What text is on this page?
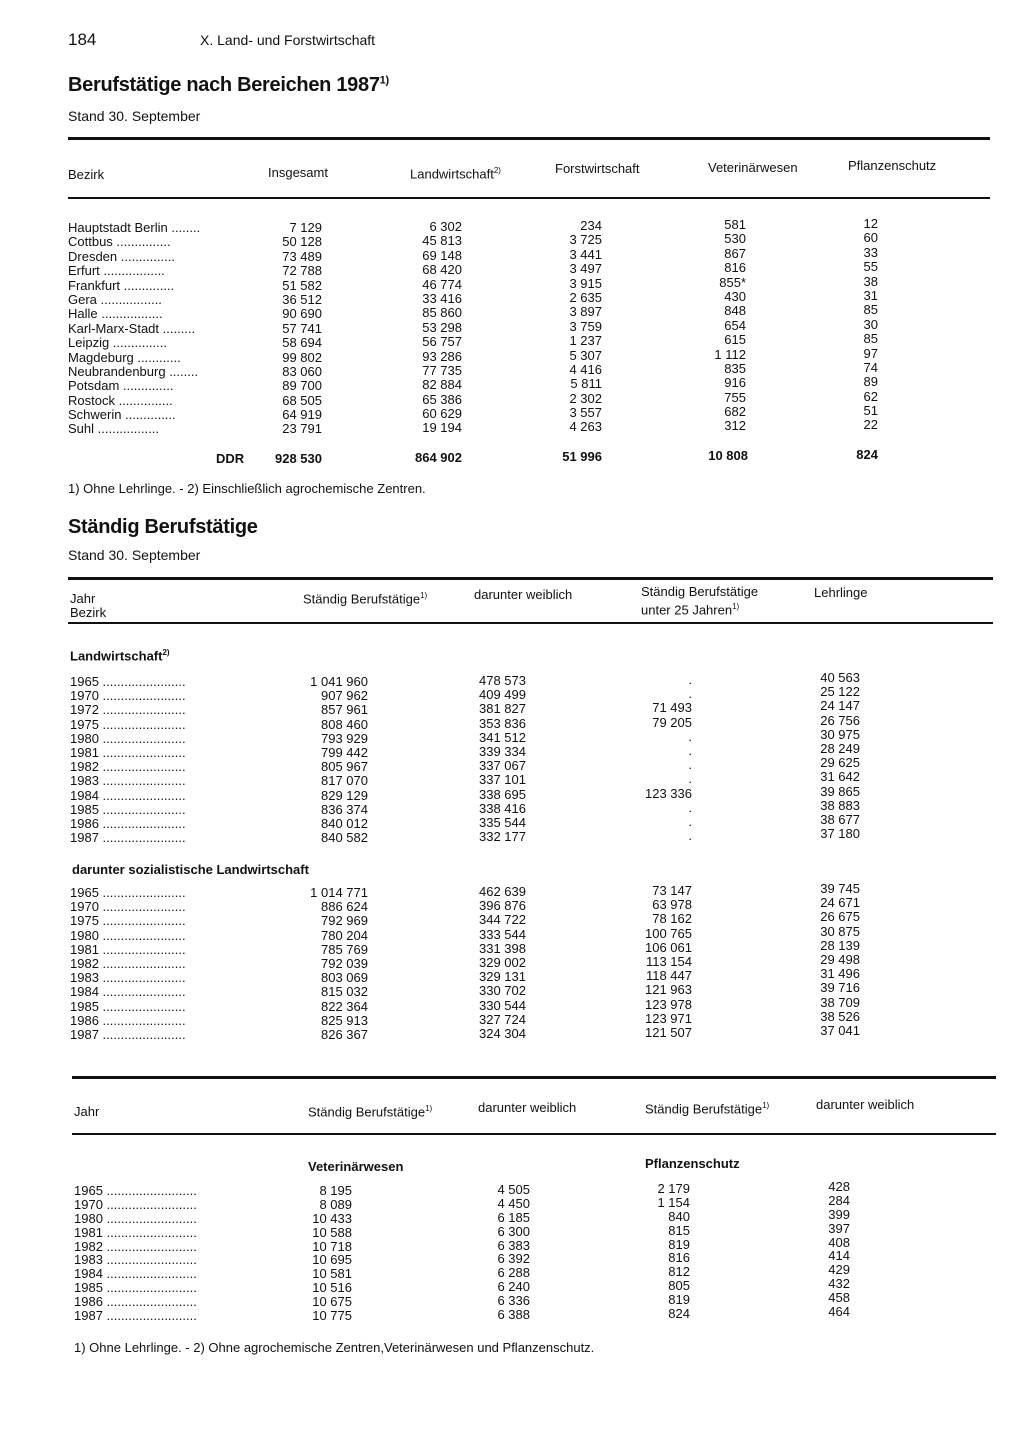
184	X. Land- und Forstwirtschaft
Berufstätige nach Bereichen 1987$^{1)}$
Stand 30. September
Bezirk	Insgesamt	Landwirtschaft$^{2)}$	Forstwirtschaft	Veterinärwesen	Pflanzenschutz
Hauptstadt Berlin ........	7 129	6 302	234	581	12
Cottbus ...............	50 128	45 813	3 725	530	60
Dresden ...............	73 489	69 148	3 441	867	33
Erfurt .................	72 788	68 420	3 497	816	55
Frankfurt ..............	51 582	46 774	3 915	855*	38
Gera .................	36 512	33 416	2 635	430	31
Halle .................	90 690	85 860	3 897	848	85
Karl-Marx-Stadt .........	57 741	53 298	3 759	654	30
Leipzig ...............	58 694	56 757	1 237	615	85
Magdeburg ............	99 802	93 286	5 307	1 112	97
Neubrandenburg ........	83 060	77 735	4 416	835	74
Potsdam ..............	89 700	82 884	5 811	916	89
Rostock ...............	68 505	65 386	2 302	755	62
Schwerin ..............	64 919	60 629	3 557	682	51
Suhl .................	23 791	19 194	4 263	312	22
DDR	928 530	864 902	51 996	10 808	824
1) Ohne Lehrlinge. - 2) Einschließlich agrochemische Zentren.
Ständig Berufstätige
Stand 30. September
Jahr
Bezirk
Ständig Berufstätige$^{1)}$	darunter weiblich	Ständig Berufstätige
unter 25 Jahren$^{1)}$
Lehrlinge
Landwirtschaft$^{2)}$
1965 .......................	1 041 960	478 573	.	40 563
1970 .......................	907 962	409 499	.	25 122
1972 .......................	857 961	381 827	71 493	24 147
1975 .......................	808 460	353 836	79 205	26 756
1980 .......................	793 929	341 512	.	30 975
1981 .......................	799 442	339 334	.	28 249
1982 .......................	805 967	337 067	.	29 625
1983 .......................	817 070	337 101	.	31 642
1984 .......................	829 129	338 695	123 336	39 865
1985 .......................	836 374	338 416	.	38 883
1986 .......................	840 012	335 544	.	38 677
1987 .......................	840 582	332 177	.	37 180
darunter sozialistische Landwirtschaft
1965 .......................	1 014 771	462 639	73 147	39 745
1970 .......................	886 624	396 876	63 978	24 671
1975 .......................	792 969	344 722	78 162	26 675
1980 .......................	780 204	333 544	100 765	30 875
1981 .......................	785 769	331 398	106 061	28 139
1982 .......................	792 039	329 002	113 154	29 498
1983 .......................	803 069	329 131	118 447	31 496
1984 .......................	815 032	330 702	121 963	39 716
1985 .......................	822 364	330 544	123 978	38 709
1986 .......................	825 913	327 724	123 971	38 526
1987 .......................	826 367	324 304	121 507	37 041
Jahr	Ständig Berufstätige$^{1)}$	darunter weiblich	Ständig Berufstätige$^{1)}$	darunter weiblich
Veterinärwesen	Pflanzenschutz
1965 .........................	8 195	4 505	2 179	428
1970 .........................	8 089	4 450	1 154	284
1980 .........................	10 433	6 185	840	399
1981 .........................	10 588	6 300	815	397
1982 .........................	10 718	6 383	819	408
1983 .........................	10 695	6 392	816	414
1984 .........................	10 581	6 288	812	429
1985 .........................	10 516	6 240	805	432
1986 .........................	10 675	6 336	819	458
1987 .........................	10 775	6 388	824	464
1) Ohne Lehrlinge. - 2) Ohne agrochemische Zentren,Veterinärwesen und Pflanzenschutz.
